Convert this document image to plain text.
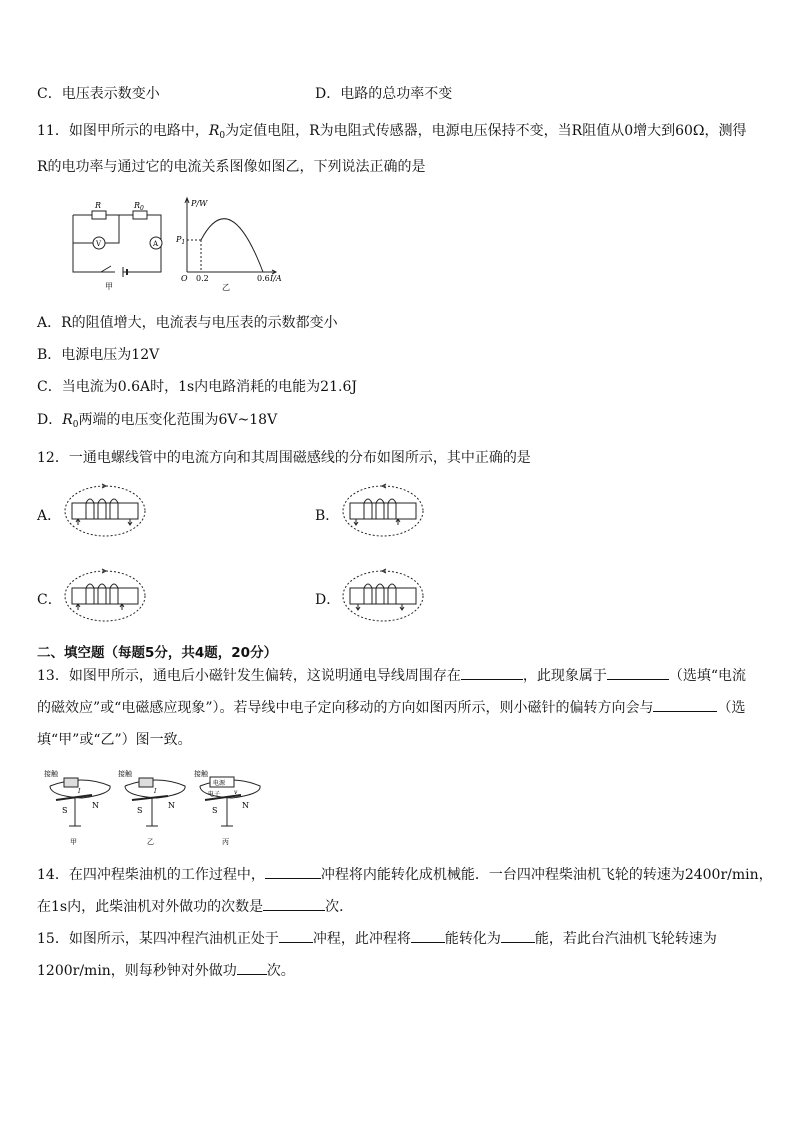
C．电压表示数变小	D．电路的总功率不变
11．如图甲所示的电路中，$R_0$为定值电阻，R为电阻式传感器，电源电压保持不变，当R阻值从0增大到60Ω，测得
R的电功率与通过它的电流关系图像如图乙，下列说法正确的是
R	$R_0$
V	A
甲
P/W
$P_1$
O 0.2	0.6 I/A
乙
A．R的阻值增大，电流表与电压表的示数都变小
B．电源电压为12V
C．当电流为0.6A时，1s内电路消耗的电能为21.6J
D．$R_0$两端的电压变化范围为6V~18V
12．一通电螺线管中的电流方向和其周围磁感线的分布如图所示，其中正确的是
A．	B．
C．	D．
二、填空题（每题5分，共4题，20分）
13．如图甲所示，通电后小磁针发生偏转，这说明通电导线周围存在	，此现象属于	（选填“电流
的磁效应”或“电磁感应现象”）。若导线中电子定向移动的方向如图丙所示，则小磁针的偏转方向会与	（选
填“甲”或“乙”）图一致。
接触	接触	接触
电源
电子 v
I	I
S
N
S
N
S
N
甲	乙	丙
14．在四冲程柴油机的工作过程中，	冲程将内能转化成机械能．一台四冲程柴油机飞轮的转速为2400r/min，
在1s内，此柴油机对外做功的次数是	次．
15．如图所示，某四冲程汽油机正处于 冲程，此冲程将 能转化为 能，若此台汽油机飞轮转速为
1200r/min，则每秒钟对外做功 次。
